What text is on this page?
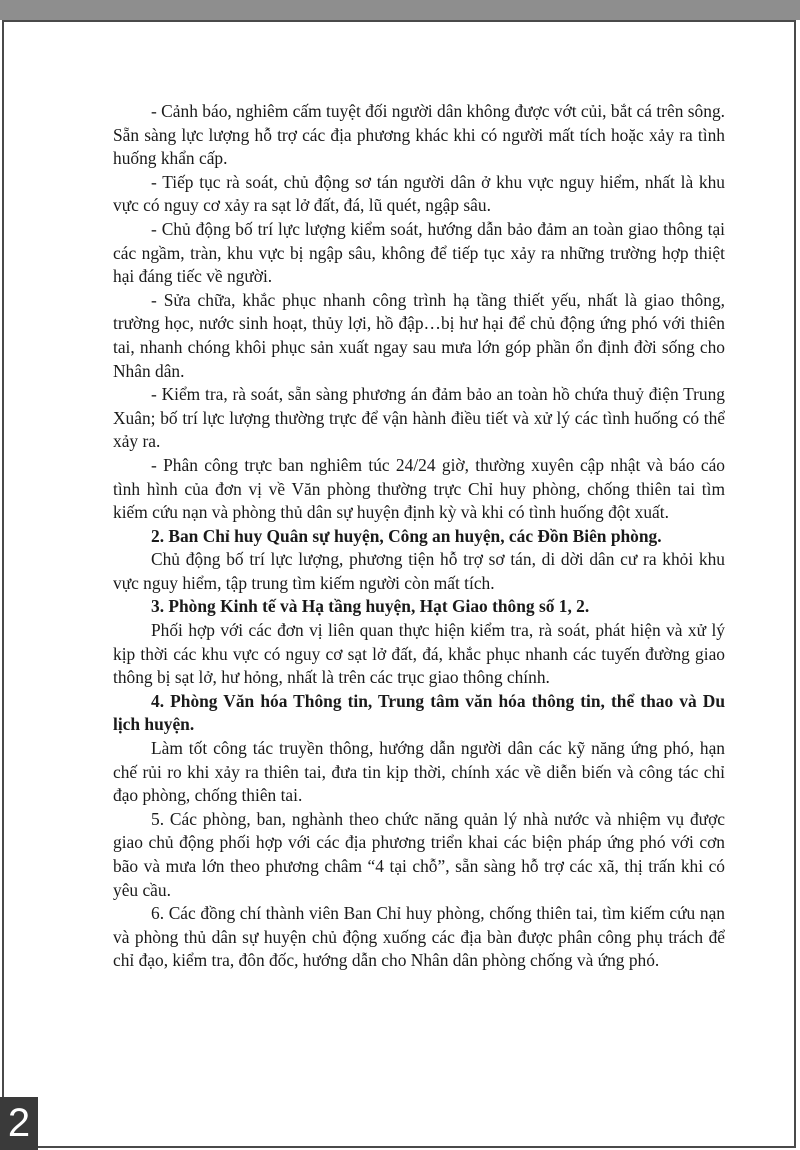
- Cảnh báo, nghiêm cấm tuyệt đối người dân không được vớt củi, bắt cá trên sông. Sẵn sàng lực lượng hỗ trợ các địa phương khác khi có người mất tích hoặc xảy ra tình huống khẩn cấp.

- Tiếp tục rà soát, chủ động sơ tán người dân ở khu vực nguy hiểm, nhất là khu vực có nguy cơ xảy ra sạt lở đất, đá, lũ quét, ngập sâu.

- Chủ động bố trí lực lượng kiểm soát, hướng dẫn bảo đảm an toàn giao thông tại các ngầm, tràn, khu vực bị ngập sâu, không để tiếp tục xảy ra những trường hợp thiệt hại đáng tiếc về người.

- Sửa chữa, khắc phục nhanh công trình hạ tầng thiết yếu, nhất là giao thông, trường học, nước sinh hoạt, thủy lợi, hồ đập…bị hư hại để chủ động ứng phó với thiên tai, nhanh chóng khôi phục sản xuất ngay sau mưa lớn góp phần ổn định đời sống cho Nhân dân.

- Kiểm tra, rà soát, sẵn sàng phương án đảm bảo an toàn hồ chứa thuỷ điện Trung Xuân; bố trí lực lượng thường trực để vận hành điều tiết và xử lý các tình huống có thể xảy ra.

- Phân công trực ban nghiêm túc 24/24 giờ, thường xuyên cập nhật và báo cáo tình hình của đơn vị về Văn phòng thường trực Chỉ huy phòng, chống thiên tai tìm kiếm cứu nạn và phòng thủ dân sự huyện định kỳ và khi có tình huống đột xuất.

2. Ban Chỉ huy Quân sự huyện, Công an huyện, các Đồn Biên phòng.

Chủ động bố trí lực lượng, phương tiện hỗ trợ sơ tán, di dời dân cư ra khỏi khu vực nguy hiểm, tập trung tìm kiếm người còn mất tích.

3. Phòng Kinh tế và Hạ tầng huyện, Hạt Giao thông số 1, 2.

Phối hợp với các đơn vị liên quan thực hiện kiểm tra, rà soát, phát hiện và xử lý kịp thời các khu vực có nguy cơ sạt lở đất, đá, khắc phục nhanh các tuyến đường giao thông bị sạt lở, hư hỏng, nhất là trên các trục giao thông chính.

4. Phòng Văn hóa Thông tin, Trung tâm văn hóa thông tin, thể thao và Du lịch huyện.

Làm tốt công tác truyền thông, hướng dẫn người dân các kỹ năng ứng phó, hạn chế rủi ro khi xảy ra thiên tai, đưa tin kịp thời, chính xác về diễn biến và công tác chỉ đạo phòng, chống thiên tai.

5. Các phòng, ban, nghành theo chức năng quản lý nhà nước và nhiệm vụ được giao chủ động phối hợp với các địa phương triển khai các biện pháp ứng phó với cơn bão và mưa lớn theo phương châm “4 tại chỗ”, sẵn sàng hỗ trợ các xã, thị trấn khi có yêu cầu.

6. Các đồng chí thành viên Ban Chỉ huy phòng, chống thiên tai, tìm kiếm cứu nạn và phòng thủ dân sự huyện chủ động xuống các địa bàn được phân công phụ trách để chỉ đạo, kiểm tra, đôn đốc, hướng dẫn cho Nhân dân phòng chống và ứng phó.

2
